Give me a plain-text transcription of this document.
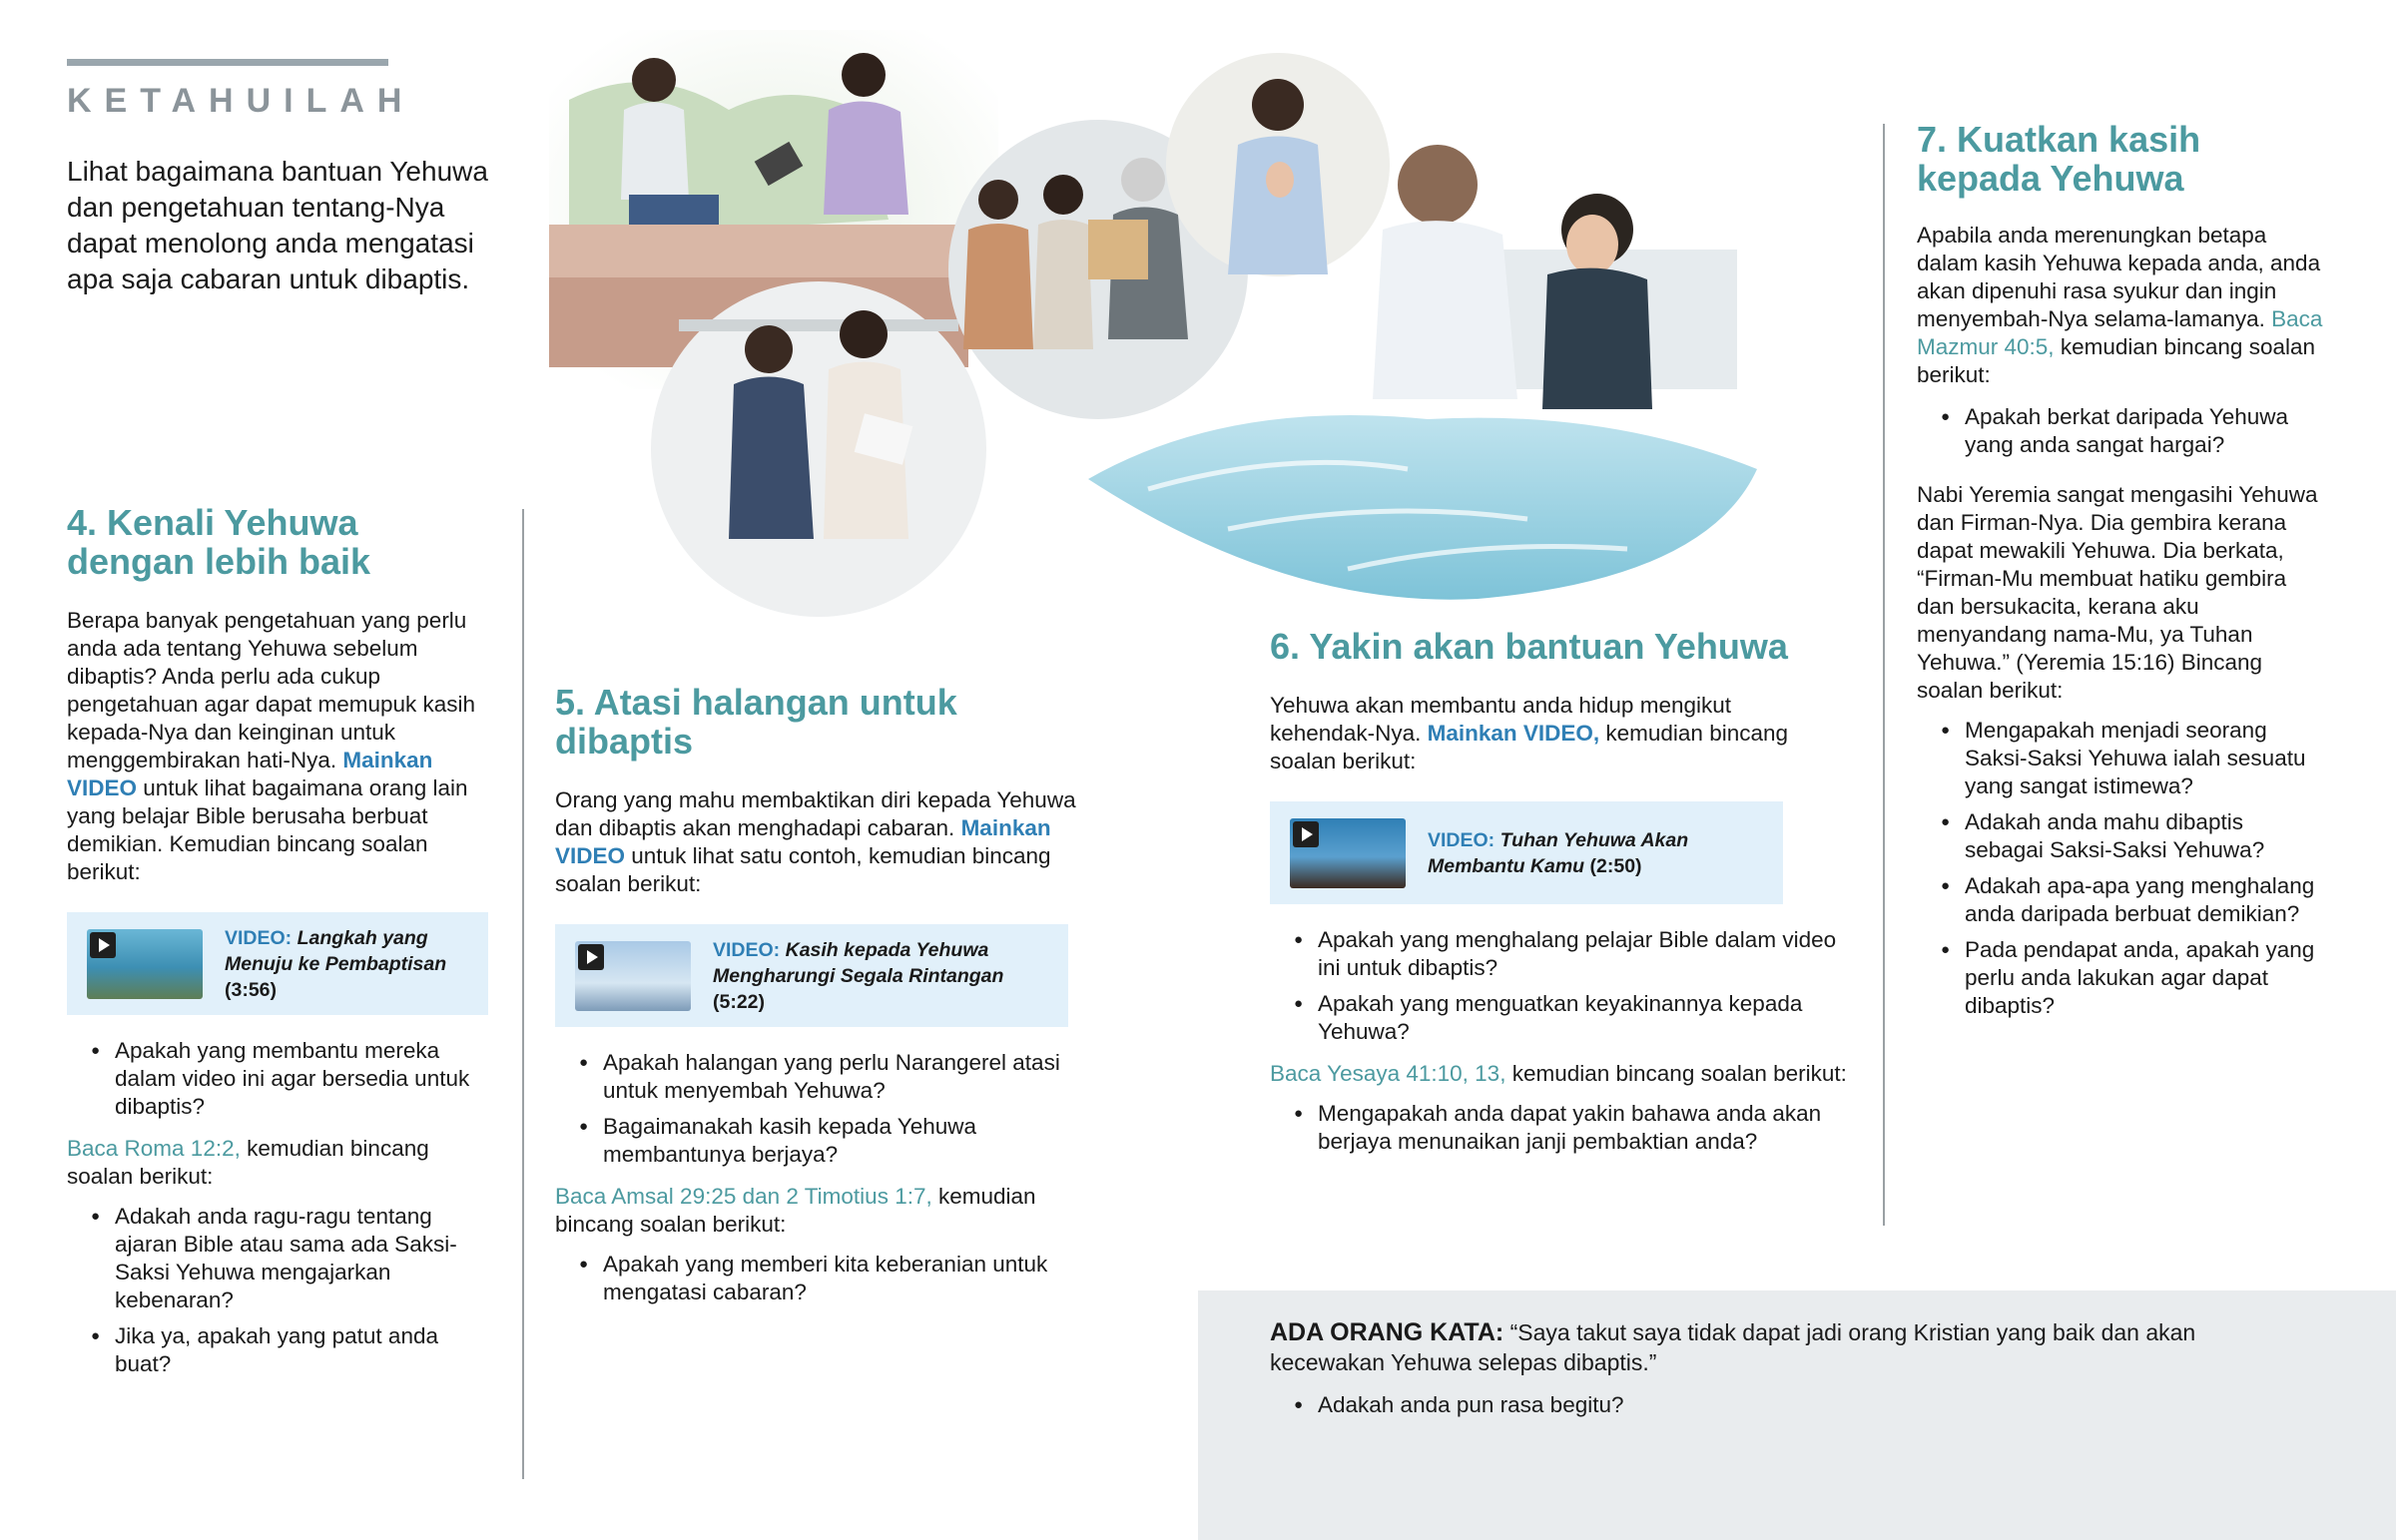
KETAHUILAH
Lihat bagaimana bantuan Yehuwa dan pengetahuan tentang-Nya dapat menolong anda mengatasi apa saja cabaran untuk dibaptis.
4. Kenali Yehuwa dengan lebih baik

Berapa banyak pengetahuan yang perlu anda ada tentang Yehuwa sebelum dibaptis? Anda perlu ada cukup pengetahuan agar dapat memupuk kasih kepada-Nya dan keinginan untuk menggembirakan hati-Nya. Mainkan VIDEO untuk lihat bagaimana orang lain yang belajar Bible berusaha berbuat demikian. Kemudian bincang soalan berikut:

VIDEO: Langkah yang Menuju ke Pembaptisan (3:56)
● Apakah yang membantu mereka dalam video ini agar bersedia untuk dibaptis?

Baca Roma 12:2, kemudian bincang soalan berikut:

● Adakah anda ragu-ragu tentang ajaran Bible atau sama ada Saksi-Saksi Yehuwa mengajarkan kebenaran?
● Jika ya, apakah yang patut anda buat?
5. Atasi halangan untuk dibaptis

Orang yang mahu membaktikan diri kepada Yehuwa dan dibaptis akan menghadapi cabaran. Mainkan VIDEO untuk lihat satu contoh, kemudian bincang soalan berikut:

VIDEO: Kasih kepada Yehuwa Mengharungi Segala Rintangan (5:22)
● Apakah halangan yang perlu Narangerel atasi untuk menyembah Yehuwa?
● Bagaimanakah kasih kepada Yehuwa membantunya berjaya?

Baca Amsal 29:25 dan 2 Timotius 1:7, kemudian bincang soalan berikut:

● Apakah yang memberi kita keberanian untuk mengatasi cabaran?
6. Yakin akan bantuan Yehuwa

Yehuwa akan membantu anda hidup mengikut kehendak-Nya. Mainkan VIDEO, kemudian bincang soalan berikut:

VIDEO: Tuhan Yehuwa Akan Membantu Kamu (2:50)
● Apakah yang menghalang pelajar Bible dalam video ini untuk dibaptis?
● Apakah yang menguatkan keyakinannya kepada Yehuwa?

Baca Yesaya 41:10, 13, kemudian bincang soalan berikut:

● Mengapakah anda dapat yakin bahawa anda akan berjaya menunaikan janji pembaktian anda?
7. Kuatkan kasih kepada Yehuwa

Apabila anda merenungkan betapa dalam kasih Yehuwa kepada anda, anda akan dipenuhi rasa syukur dan ingin menyembah-Nya selama-lamanya. Baca Mazmur 40:5, kemudian bincang soalan berikut:

● Apakah berkat daripada Yehuwa yang anda sangat hargai?

Nabi Yeremia sangat mengasihi Yehuwa dan Firman-Nya. Dia gembira kerana dapat mewakili Yehuwa. Dia berkata, “Firman-Mu membuat hatiku gembira dan bersukacita, kerana aku menyandang nama-Mu, ya Tuhan Yehuwa.” (Yeremia 15:16) Bincang soalan berikut:

● Mengapakah menjadi seorang Saksi-Saksi Yehuwa ialah sesuatu yang sangat istimewa?
● Adakah anda mahu dibaptis sebagai Saksi-Saksi Yehuwa?
● Adakah apa-apa yang menghalang anda daripada berbuat demikian?
● Pada pendapat anda, apakah yang perlu anda lakukan agar dapat dibaptis?

ADA ORANG KATA: “Saya takut saya tidak dapat jadi orang Kristian yang baik dan akan kecewakan Yehuwa selepas dibaptis.”

● Adakah anda pun rasa begitu?
